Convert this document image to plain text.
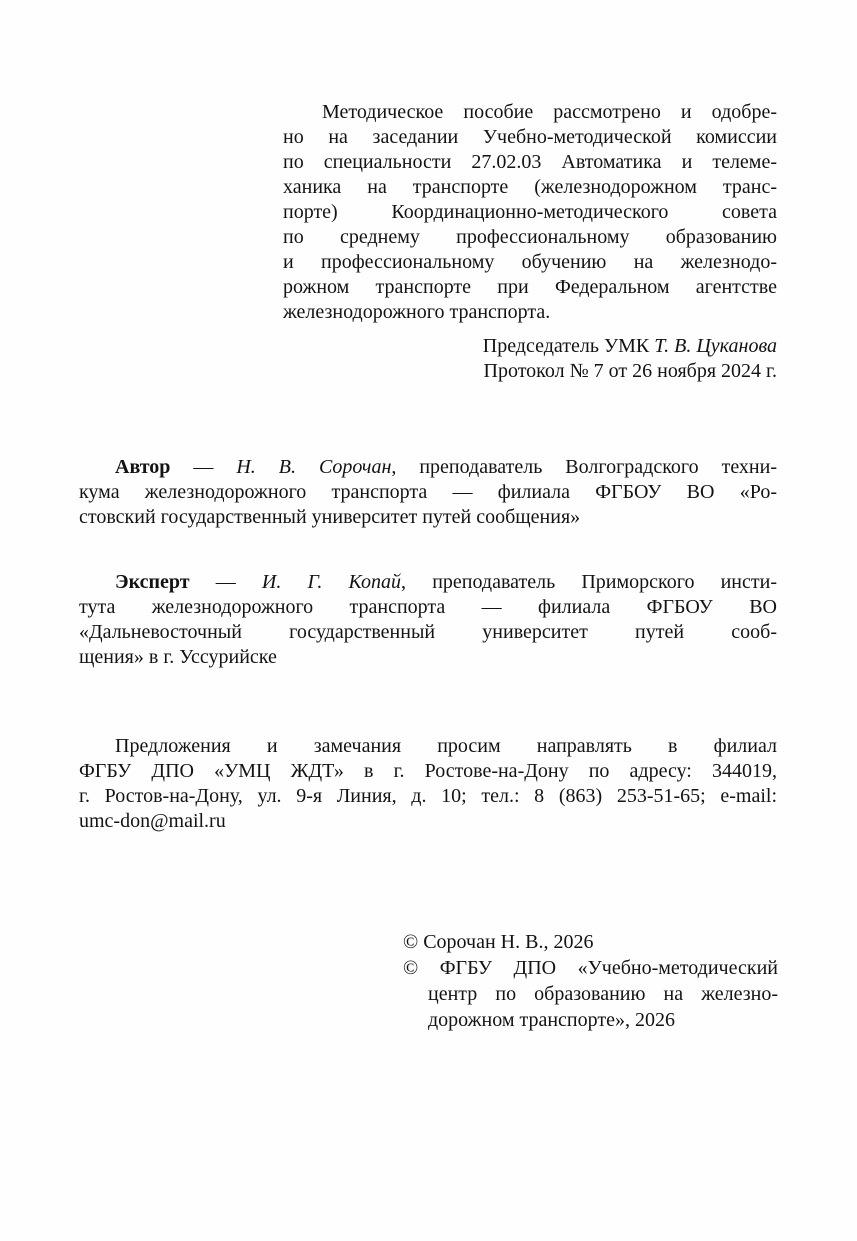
Методическое пособие рассмотрено и одобре-
но на заседании Учебно-методической комиссии
по специальности 27.02.03 Автоматика и телеме-
ханика на транспорте (железнодорожном транс-
порте) Координационно-методического совета
по среднему профессиональному образованию
и профессиональному обучению на железнодо-
рожном транспорте при Федеральном агентстве
железнодорожного транспорта.
Председатель УМК Т. В. Цуканова
Протокол № 7 от 26 ноября 2024 г.
Автор — Н. В. Сорочан, преподаватель Волгоградского техни-
кума железнодорожного транспорта — филиала ФГБОУ ВО «Ро-
стовский государственный университет путей сообщения»
Эксперт — И. Г. Копай, преподаватель Приморского инсти-
тута железнодорожного транспорта — филиала ФГБОУ ВО
«Дальневосточный государственный университет путей сооб-
щения» в г. Уссурийске
Предложения и замечания просим направлять в филиал
ФГБУ ДПО «УМЦ ЖДТ» в г. Ростове-на-Дону по адресу: 344019,
г. Ростов-на-Дону, ул. 9-я Линия, д. 10; тел.: 8 (863) 253-51-65; e-mail:
umc-don@mail.ru
© Сорочан Н. В., 2026
© ФГБУ ДПО «Учебно-методический
центр по образованию на железно-
дорожном транспорте», 2026
